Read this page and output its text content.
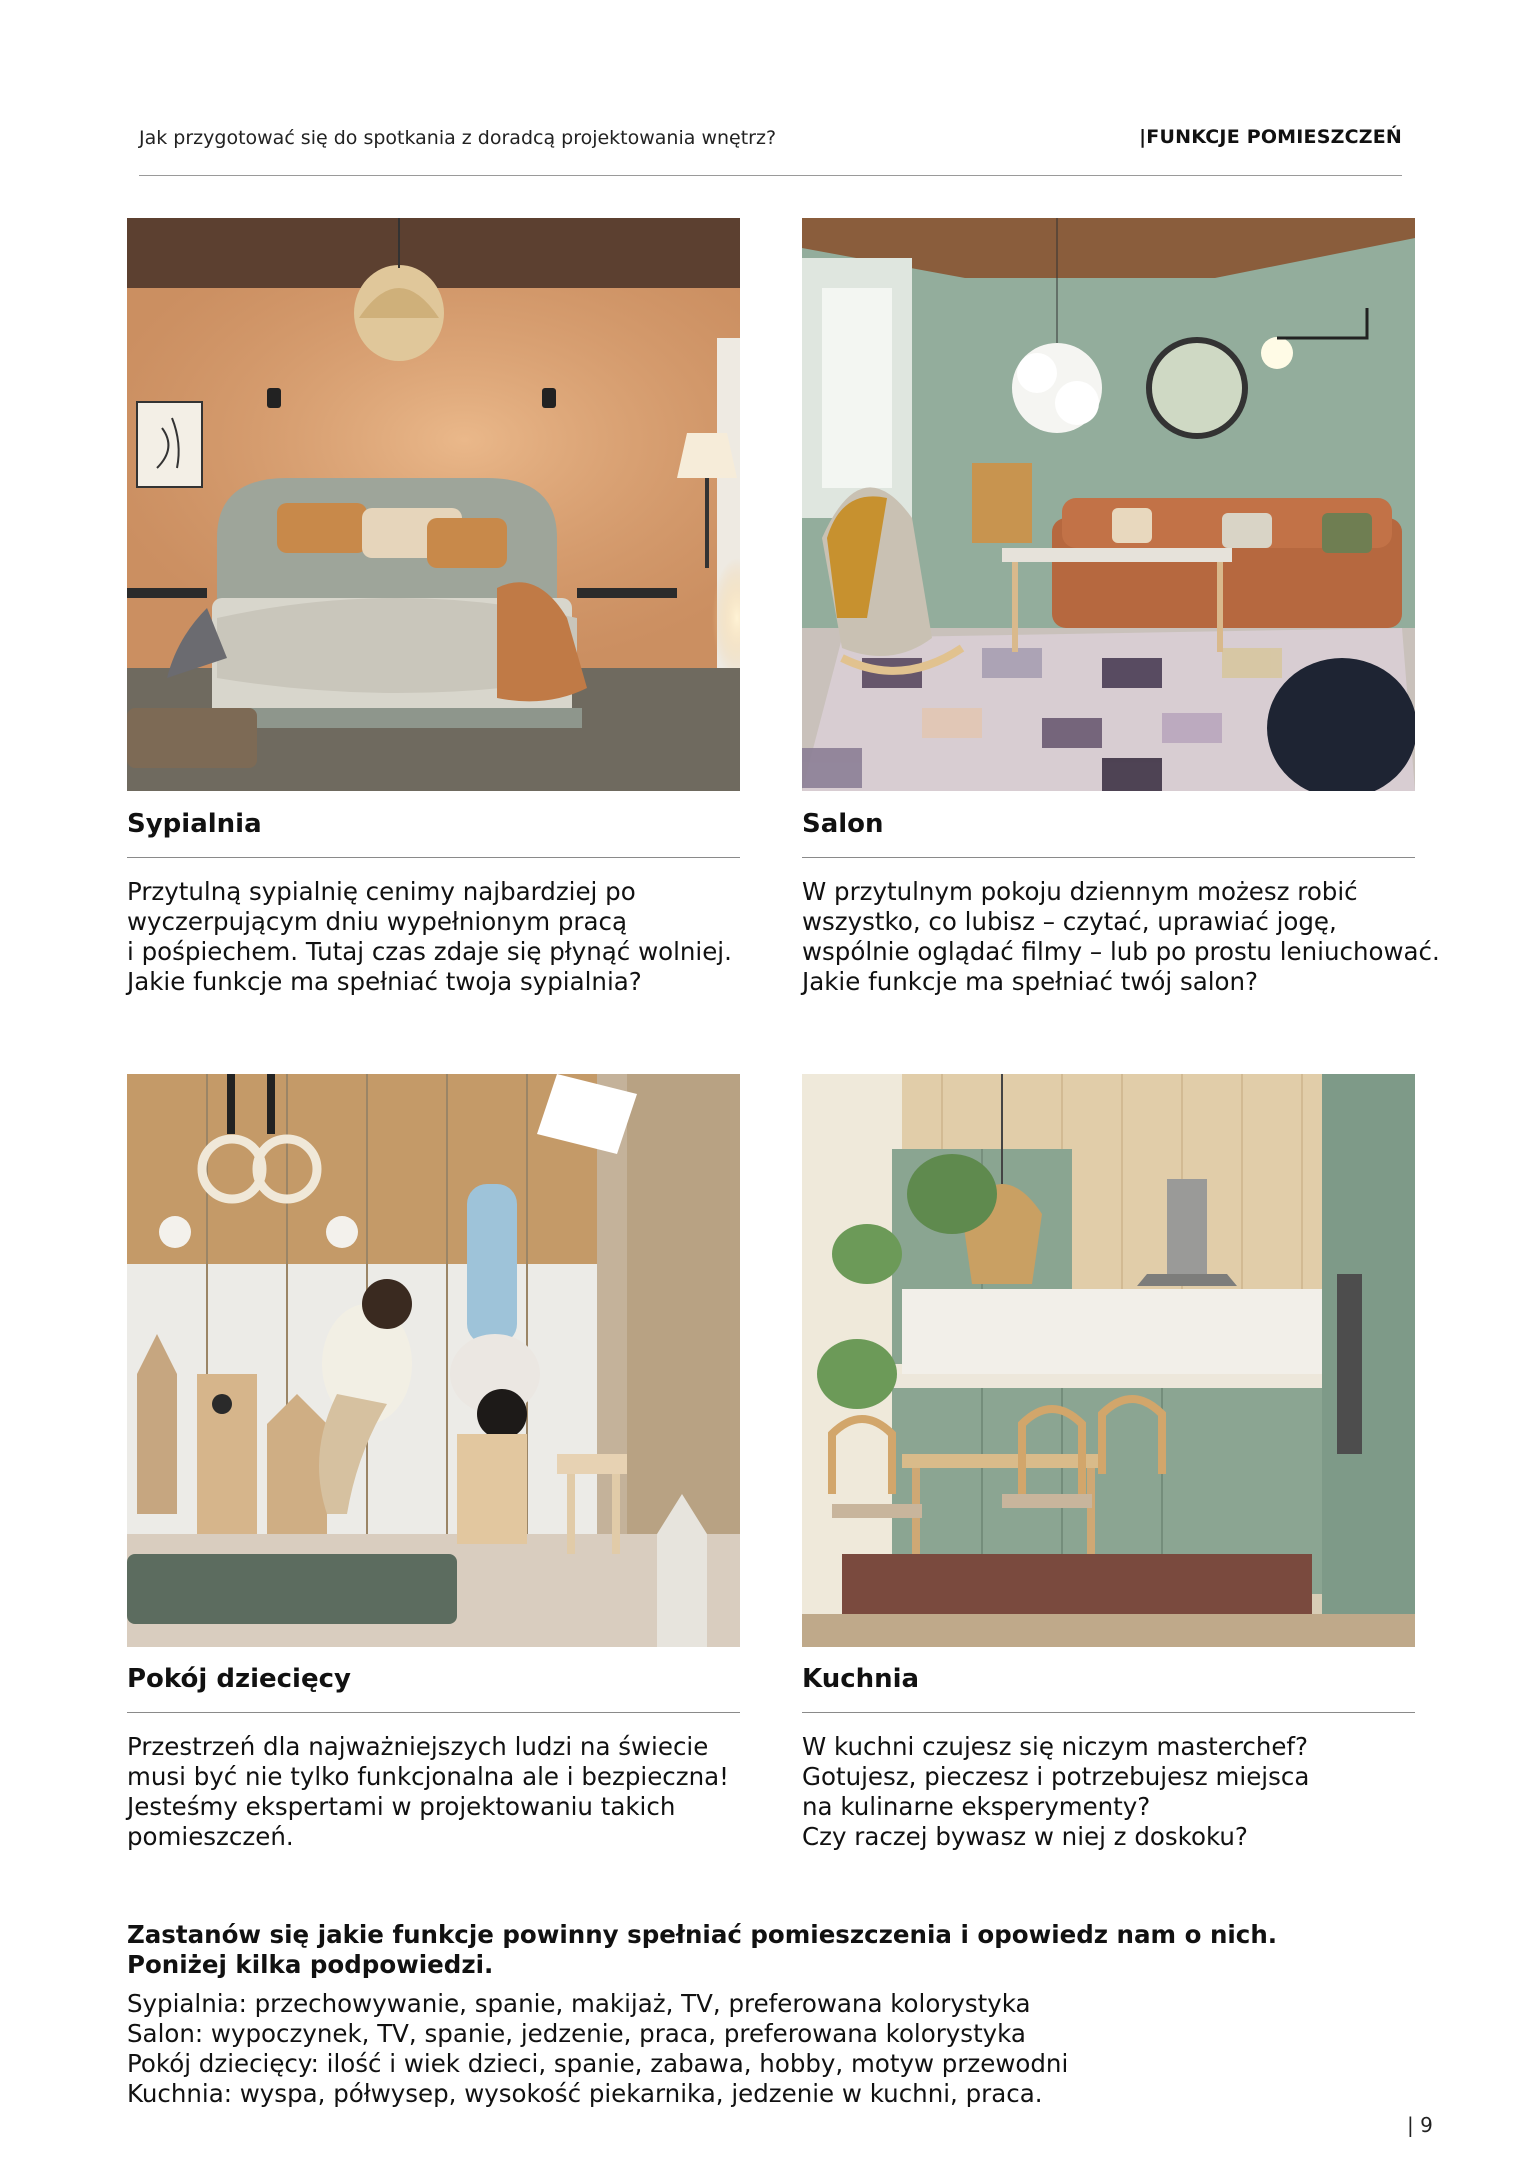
Jak przygotować się do spotkania z doradcą projektowania wnętrz?	|FUNKCJE POMIESZCZEŃ
Sypialnia
Przytulną sypialnię cenimy najbardziej po
wyczerpującym dniu wypełnionym pracą
i pośpiechem. Tutaj czas zdaje się płynąć wolniej.
Jakie funkcje ma spełniać twoja sypialnia?
Salon
W przytulnym pokoju dziennym możesz robić
wszystko, co lubisz – czytać, uprawiać jogę,
wspólnie oglądać filmy – lub po prostu leniuchować.
Jakie funkcje ma spełniać twój salon?
Pokój dziecięcy
Przestrzeń dla najważniejszych ludzi na świecie
musi być nie tylko funkcjonalna ale i bezpieczna!
Jesteśmy ekspertami w projektowaniu takich
pomieszczeń.
Kuchnia
W kuchni czujesz się niczym masterchef?
Gotujesz, pieczesz i potrzebujesz miejsca
na kulinarne eksperymenty?
Czy raczej bywasz w niej z doskoku?
Zastanów się jakie funkcje powinny spełniać pomieszczenia i opowiedz nam o nich.
Poniżej kilka podpowiedzi.
Sypialnia: przechowywanie, spanie, makijaż, TV, preferowana kolorystyka
Salon: wypoczynek, TV, spanie, jedzenie, praca, preferowana kolorystyka
Pokój dziecięcy: ilość i wiek dzieci, spanie, zabawa, hobby, motyw przewodni
Kuchnia: wyspa, półwysep, wysokość piekarnika, jedzenie w kuchni, praca.
| 9
